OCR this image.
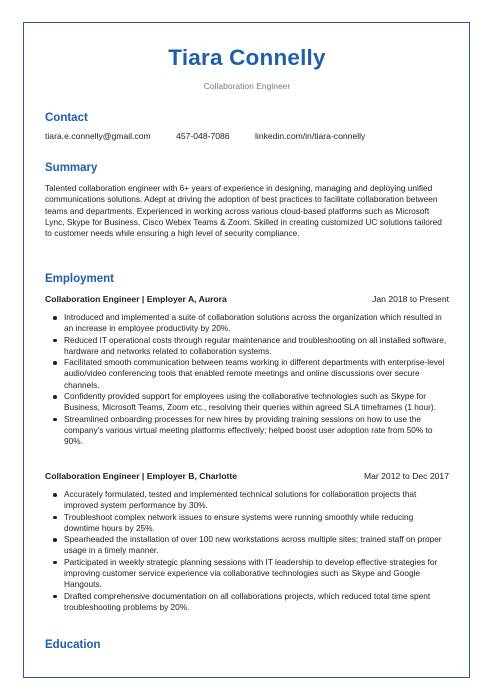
Tiara Connelly
Collaboration Engineer
Contact
tiara.e.connelly@gmail.com	457-048-7086	linkedin.com/in/tiara-connelly
Summary
Talented collaboration engineer with 6+ years of experience in designing, managing and deploying unified communications solutions. Adept at driving the adoption of best practices to facilitate collaboration between teams and departments. Experienced in working across various cloud-based platforms such as Microsoft Lync, Skype for Business, Cisco Webex Teams & Zoom. Skilled in creating customized UC solutions tailored to customer needs while ensuring a high level of security compliance.
Employment
Collaboration Engineer | Employer A, Aurora	Jan 2018 to Present
Introduced and implemented a suite of collaboration solutions across the organization which resulted in an increase in employee productivity by 20%.
Reduced IT operational costs through regular maintenance and troubleshooting on all installed software, hardware and networks related to collaboration systems.
Facilitated smooth communication between teams working in different departments with enterprise-level audio/video conferencing tools that enabled remote meetings and online discussions over secure channels.
Confidently provided support for employees using the collaborative technologies such as Skype for Business, Microsoft Teams, Zoom etc., resolving their queries within agreed SLA timeframes (1 hour).
Streamlined onboarding processes for new hires by providing training sessions on how to use the company's various virtual meeting platforms effectively; helped boost user adoption rate from 50% to 90%.
Collaboration Engineer | Employer B, Charlotte	Mar 2012 to Dec 2017
Accurately formulated, tested and implemented technical solutions for collaboration projects that improved system performance by 30%.
Troubleshoot complex network issues to ensure systems were running smoothly while reducing downtime hours by 25%.
Spearheaded the installation of over 100 new workstations across multiple sites; trained staff on proper usage in a timely manner.
Participated in weekly strategic planning sessions with IT leadership to develop effective strategies for improving customer service experience via collaborative technologies such as Skype and Google Hangouts.
Drafted comprehensive documentation on all collaborations projects, which reduced total time spent troubleshooting problems by 20%.
Education
